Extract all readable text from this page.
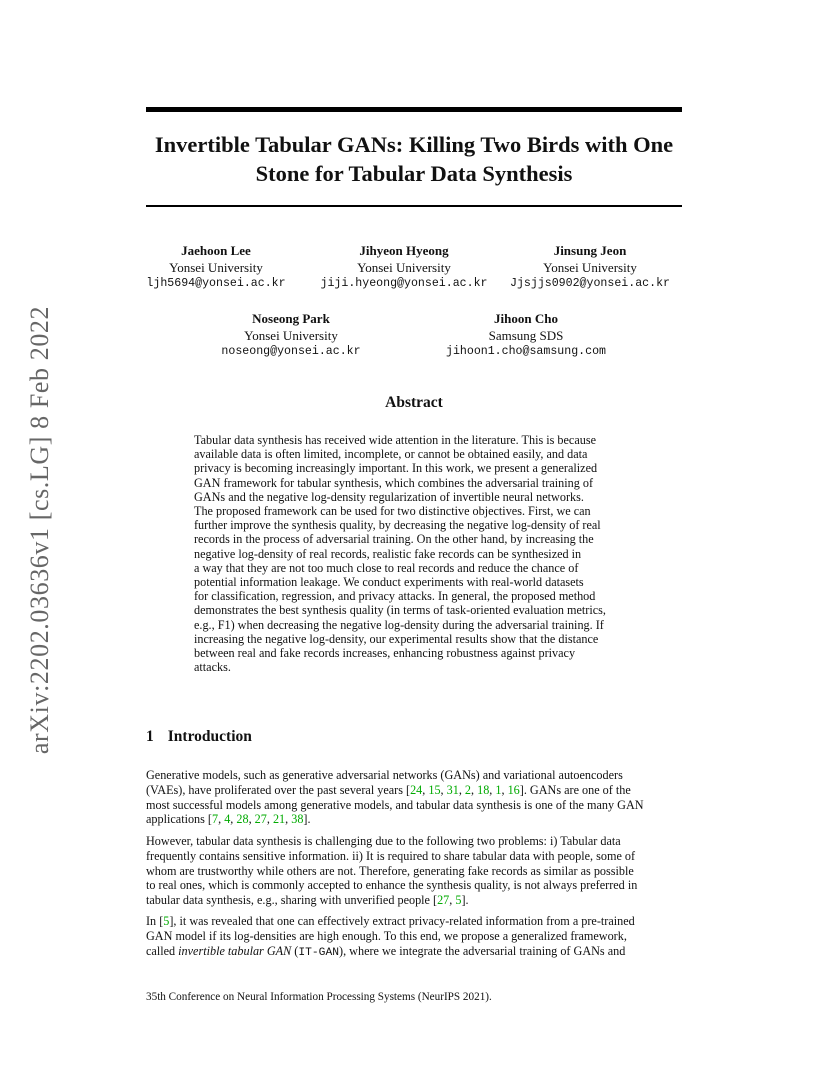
arXiv:2202.03636v1 [cs.LG] 8 Feb 2022
Invertible Tabular GANs: Killing Two Birds with One
Stone for Tabular Data Synthesis
Jaehoon Lee
Yonsei University
ljh5694@yonsei.ac.kr
Jihyeon Hyeong
Yonsei University
jiji.hyeong@yonsei.ac.kr
Jinsung Jeon
Yonsei University
Jjsjjs0902@yonsei.ac.kr
Noseong Park
Yonsei University
noseong@yonsei.ac.kr
Jihoon Cho
Samsung SDS
jihoon1.cho@samsung.com
Abstract
Tabular data synthesis has received wide attention in the literature. This is because
available data is often limited, incomplete, or cannot be obtained easily, and data
privacy is becoming increasingly important. In this work, we present a generalized
GAN framework for tabular synthesis, which combines the adversarial training of
GANs and the negative log-density regularization of invertible neural networks.
The proposed framework can be used for two distinctive objectives. First, we can
further improve the synthesis quality, by decreasing the negative log-density of real
records in the process of adversarial training. On the other hand, by increasing the
negative log-density of real records, realistic fake records can be synthesized in
a way that they are not too much close to real records and reduce the chance of
potential information leakage. We conduct experiments with real-world datasets
for classification, regression, and privacy attacks. In general, the proposed method
demonstrates the best synthesis quality (in terms of task-oriented evaluation metrics,
e.g., F1) when decreasing the negative log-density during the adversarial training. If
increasing the negative log-density, our experimental results show that the distance
between real and fake records increases, enhancing robustness against privacy
attacks.
1 Introduction
Generative models, such as generative adversarial networks (GANs) and variational autoencoders
(VAEs), have proliferated over the past several years [24, 15, 31, 2, 18, 1, 16]. GANs are one of the
most successful models among generative models, and tabular data synthesis is one of the many GAN
applications [7, 4, 28, 27, 21, 38].
However, tabular data synthesis is challenging due to the following two problems: i) Tabular data
frequently contains sensitive information. ii) It is required to share tabular data with people, some of
whom are trustworthy while others are not. Therefore, generating fake records as similar as possible
to real ones, which is commonly accepted to enhance the synthesis quality, is not always preferred in
tabular data synthesis, e.g., sharing with unverified people [27, 5].
In [5], it was revealed that one can effectively extract privacy-related information from a pre-trained
GAN model if its log-densities are high enough. To this end, we propose a generalized framework,
called invertible tabular GAN (IT-GAN), where we integrate the adversarial training of GANs and
35th Conference on Neural Information Processing Systems (NeurIPS 2021).
